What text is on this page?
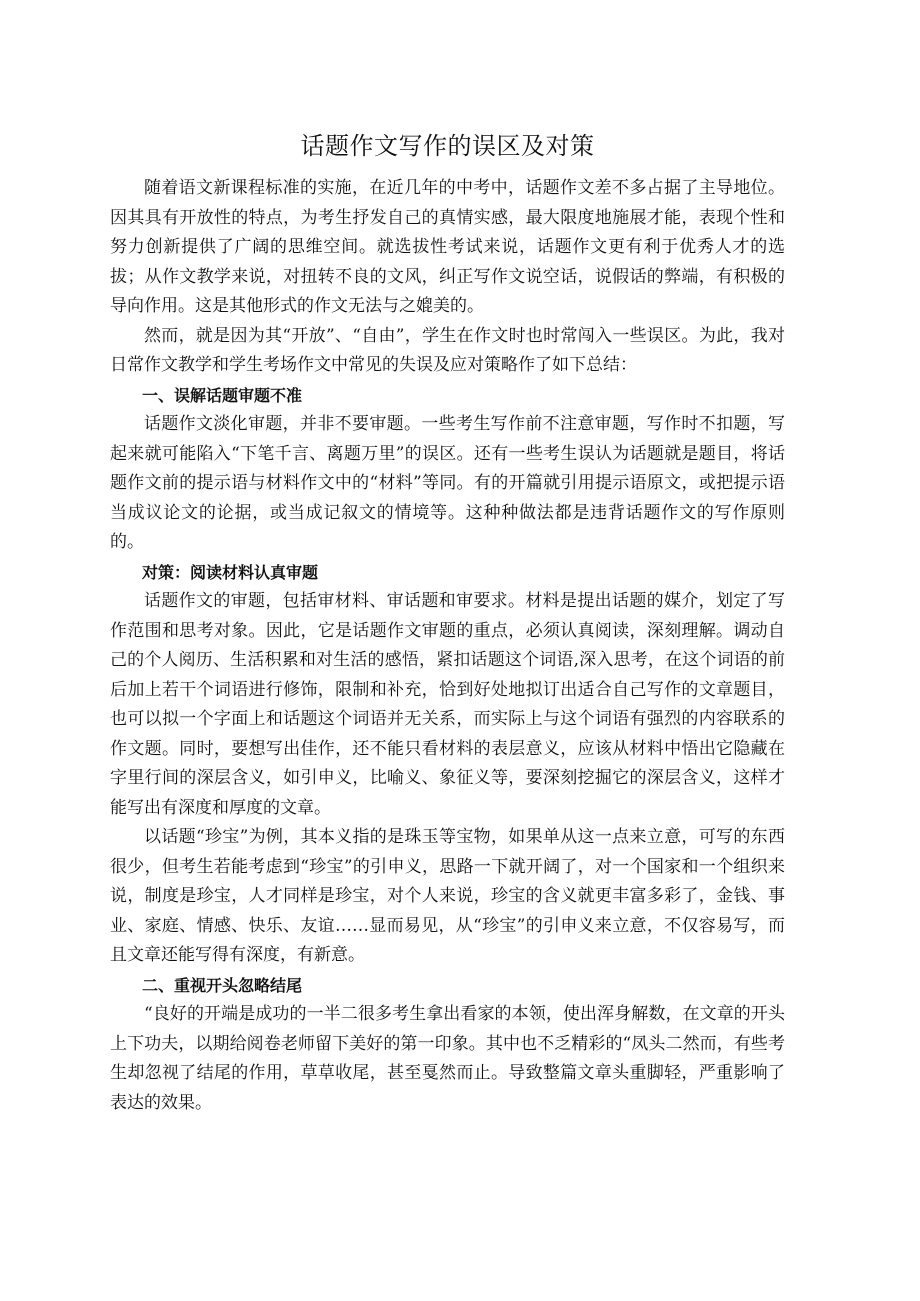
话题作文写作的误区及对策

随着语文新课程标准的实施，在近几年的中考中，话题作文差不多占据了主导地位。因其具有开放性的特点，为考生抒发自己的真情实感，最大限度地施展才能，表现个性和努力创新提供了广阔的思维空间。就选拔性考试来说，话题作文更有利于优秀人才的选拔；从作文教学来说，对扭转不良的文风，纠正写作文说空话，说假话的弊端，有积极的导向作用。这是其他形式的作文无法与之媲美的。

然而，就是因为其“开放”、“自由”，学生在作文时也时常闯入一些误区。为此，我对日常作文教学和学生考场作文中常见的失误及应对策略作了如下总结：

一、误解话题审题不准

话题作文淡化审题，并非不要审题。一些考生写作前不注意审题，写作时不扣题，写起来就可能陷入“下笔千言、离题万里”的误区。还有一些考生误认为话题就是题目，将话题作文前的提示语与材料作文中的“材料”等同。有的开篇就引用提示语原文，或把提示语当成议论文的论据，或当成记叙文的情境等。这种种做法都是违背话题作文的写作原则的。

对策：阅读材料认真审题

话题作文的审题，包括审材料、审话题和审要求。材料是提出话题的媒介，划定了写作范围和思考对象。因此，它是话题作文审题的重点，必须认真阅读，深刻理解。调动自己的个人阅历、生活积累和对生活的感悟，紧扣话题这个词语,深入思考，在这个词语的前后加上若干个词语进行修饰，限制和补充，恰到好处地拟订出适合自己写作的文章题目，也可以拟一个字面上和话题这个词语并无关系，而实际上与这个词语有强烈的内容联系的作文题。同时，要想写出佳作，还不能只看材料的表层意义，应该从材料中悟出它隐藏在字里行间的深层含义，如引申义，比喻义、象征义等，要深刻挖掘它的深层含义，这样才能写出有深度和厚度的文章。

以话题“珍宝”为例，其本义指的是珠玉等宝物，如果单从这一点来立意，可写的东西很少，但考生若能考虑到“珍宝”的引申义，思路一下就开阔了，对一个国家和一个组织来说，制度是珍宝，人才同样是珍宝，对个人来说，珍宝的含义就更丰富多彩了，金钱、事业、家庭、情感、快乐、友谊……显而易见，从“珍宝”的引申义来立意，不仅容易写，而且文章还能写得有深度，有新意。

二、重视开头忽略结尾

“良好的开端是成功的一半二很多考生拿出看家的本领，使出浑身解数，在文章的开头上下功夫，以期给阅卷老师留下美好的第一印象。其中也不乏精彩的“凤头二然而，有些考生却忽视了结尾的作用，草草收尾，甚至戛然而止。导致整篇文章头重脚轻，严重影响了表达的效果。
